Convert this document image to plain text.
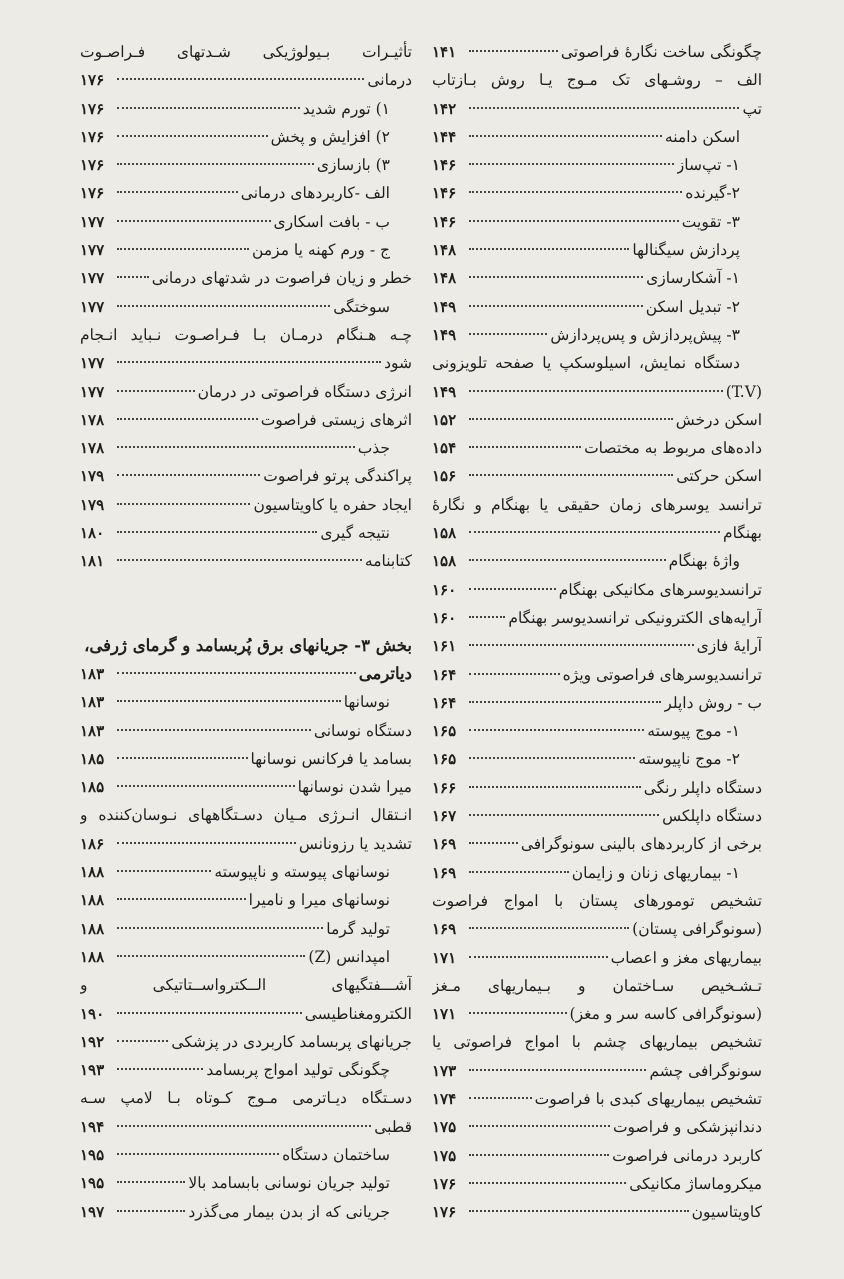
چگونگی ساخت نگارهٔ فراصوتی
۱۴۱
الف – روشـهای تک مـوج یـا روش بـازتاب
تپ
۱۴۲
اسکن دامنه
۱۴۴
۱- تپ‌ساز
۱۴۶
۲-گیرنده
۱۴۶
۳- تقویت
۱۴۶
پردازش سیگنالها
۱۴۸
۱- آشکارسازی
۱۴۸
۲- تبدیل اسکن
۱۴۹
۳- پیش‌پردازش و پس‌پردازش
۱۴۹
دستگاه نمایش، اسیلوسکپ یا صفحه تلویزونی
(T.V)
۱۴۹
اسکن درخش
۱۵۲
داده‌های مربوط به مختصات
۱۵۴
اسکن حرکتی
۱۵۶
ترانسد یوسرهای زمان حقیقی یا بهنگام و نگارهٔ
بهنگام
۱۵۸
واژهٔ بهنگام
۱۵۸
ترانسدیوسرهای مکانیکی بهنگام
۱۶۰
آرایه‌های الکترونیکی ترانسدیوسر بهنگام
۱۶۰
آرایهٔ فازی
۱۶۱
ترانسدیوسرهای فراصوتی ویژه
۱۶۴
ب - روش داپلر
۱۶۴
۱- موج پیوسته
۱۶۵
۲- موج ناپیوسته
۱۶۵
دستگاه داپلر رنگی
۱۶۶
دستگاه داپلکس
۱۶۷
برخی از کاربردهای بالینی سونوگرافی
۱۶۹
۱- بیماریهای زنان و زایمان
۱۶۹
تشخیص تومورهای پستان با امواج فراصوت
(سونوگرافی پستان)
۱۶۹
بیماریهای مغز و اعصاب
۱۷۱
تـشـخیص سـاختمان و بـیماریهای مـغز
(سونوگرافی کاسه سر و مغز)
۱۷۱
تشخیص بیماریهای چشم با امواج فراصوتی یا
سونوگرافی چشم
۱۷۳
تشخیص بیماریهای کبدی با فراصوت
۱۷۴
دندانپزشکی و فراصوت
۱۷۵
کاربرد درمانی فراصوت
۱۷۵
میکروماساژ مکانیکی
۱۷۶
کاویتاسیون
۱۷۶
تأثیـرات بـیولوژیکی شـدتهای فـراصـوت
درمانی
۱۷۶
۱) تورم شدید
۱۷۶
۲) افزایش و پخش
۱۷۶
۳) بازسازی
۱۷۶
الف -کاربردهای درمانی
۱۷۶
ب - بافت اسکاری
۱۷۷
ج - ورم کهنه یا مزمن
۱۷۷
خطر و زیان فراصوت در شدتهای درمانی
۱۷۷
سوختگی
۱۷۷
چـه هـنگام درمـان بـا فـراصـوت نـباید انـجام
شود
۱۷۷
انرژی دستگاه فراصوتی در درمان
۱۷۷
اثرهای زیستی فراصوت
۱۷۸
جذب
۱۷۸
پراکندگی پرتو فراصوت
۱۷۹
ایجاد حفره یا کاویتاسیون
۱۷۹
نتیجه گیری
۱۸۰
کتابنامه
۱۸۱
بخش ۳- جریانهای برق پُربسامد و گرمای ژرفی،
دیاترمی
۱۸۳
نوسانها
۱۸۳
دستگاه نوسانی
۱۸۳
بسامد یا فرکانس نوسانها
۱۸۵
میرا شدن نوسانها
۱۸۵
انـتقال انـرژی مـیان دسـتگاههای نـوسان‌کننده و
تشدید یا رزونانس
۱۸۶
نوسانهای پیوسته و ناپیوسته
۱۸۸
نوسانهای میرا و نامیرا
۱۸۸
تولید گرما
۱۸۸
امپدانس (Z)
۱۸۸
آشـــفتگیهای الــکترواســتاتیکی و
الکترومغناطیسی
۱۹۰
جریانهای پربسامد کاربردی در پزشکی
۱۹۲
چگونگی تولید امواج پربسامد
۱۹۳
دسـتگاه دیـاترمی مـوج کـوتاه بـا لامپ سـه
قطبی
۱۹۴
ساختمان دستگاه
۱۹۵
تولید جریان نوسانی بابسامد بالا
۱۹۵
جریانی که از بدن بیمار می‌گذرد
۱۹۷
